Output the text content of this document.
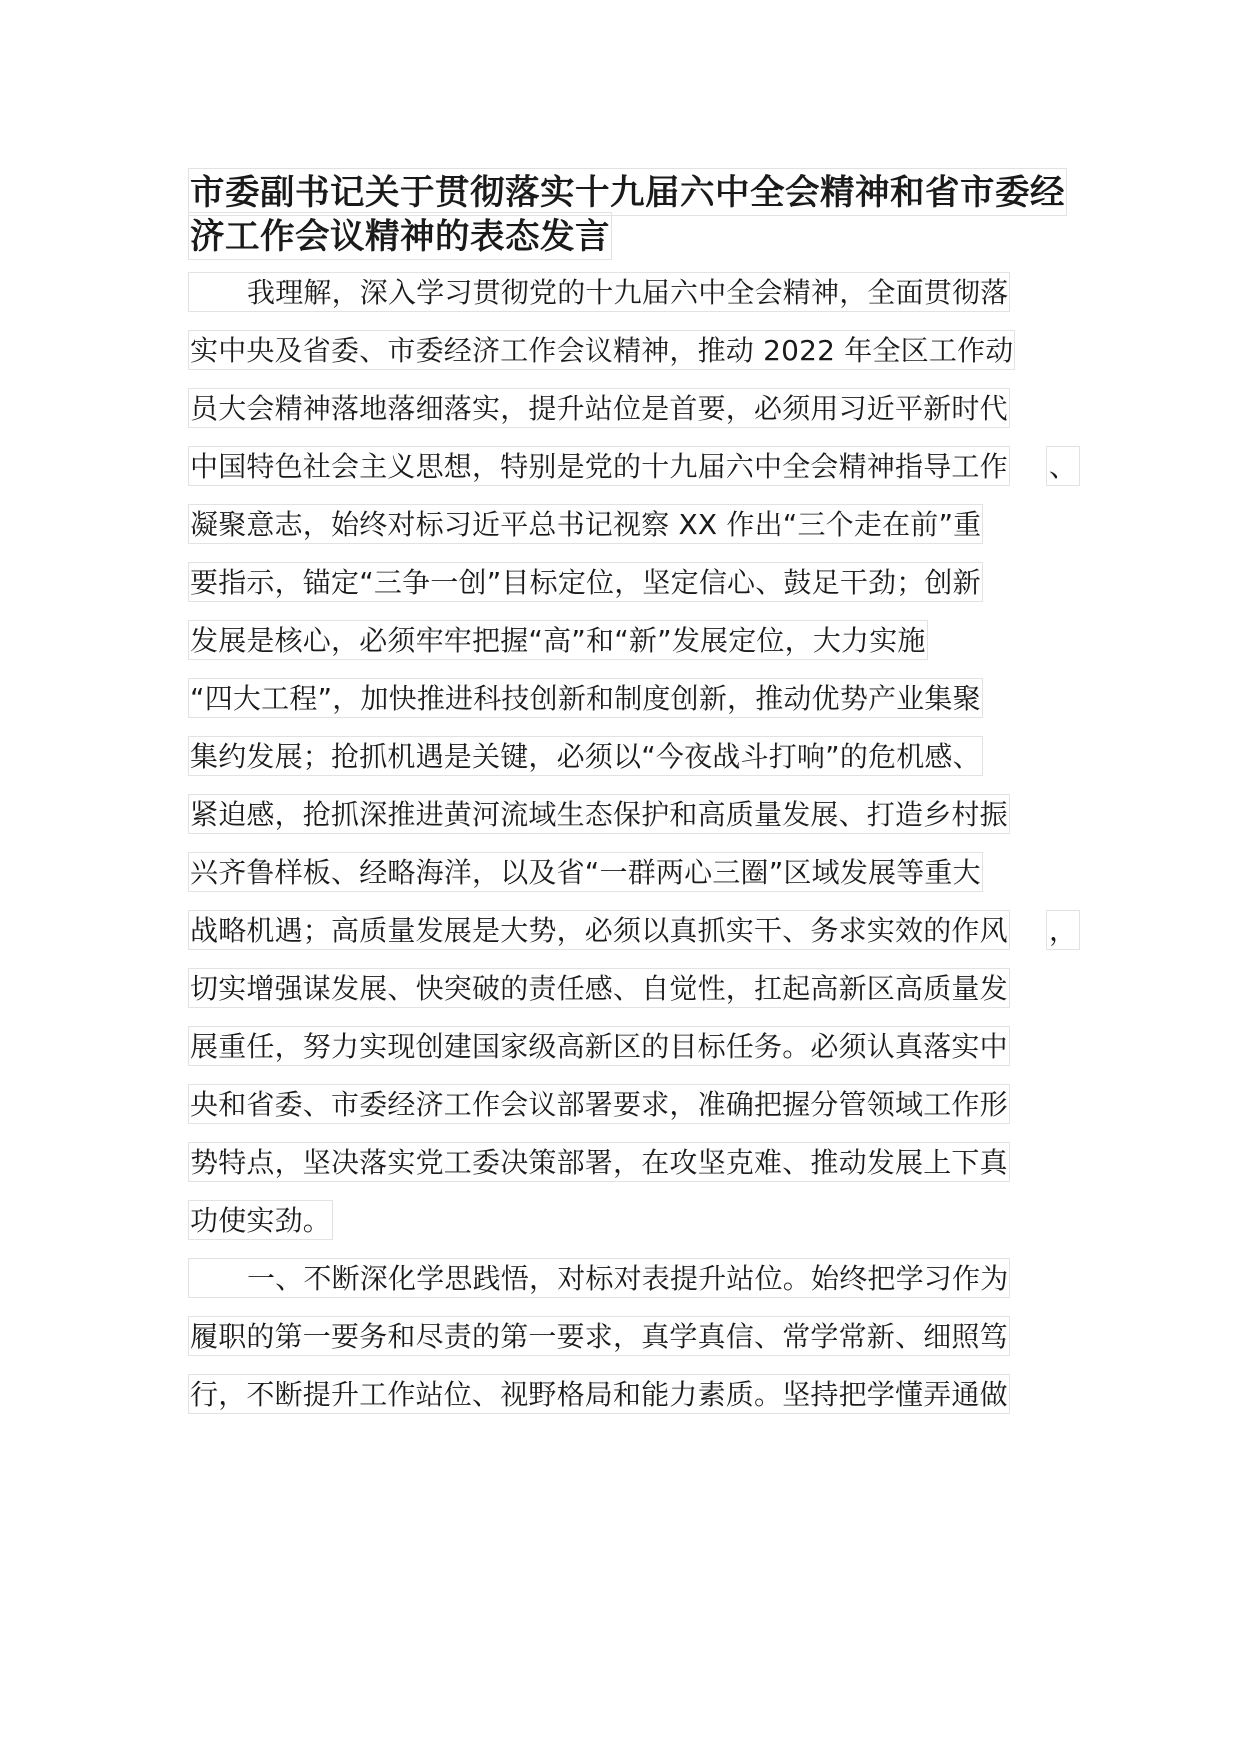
市委副书记关于贯彻落实十九届六中全会精神和省市委经
济工作会议精神的表态发言
我理解，深入学习贯彻党的十九届六中全会精神，全面贯彻落
实中央及省委、市委经济工作会议精神，推动 2022 年全区工作动
员大会精神落地落细落实，提升站位是首要，必须用习近平新时代
中国特色社会主义思想，特别是党的十九届六中全会精神指导工作 、
凝聚意志，始终对标习近平总书记视察 XX 作出“三个走在前”重
要指示，锚定“三争一创”目标定位，坚定信心、鼓足干劲；创新
发展是核心，必须牢牢把握“高”和“新”发展定位，大力实施
“四大工程”，加快推进科技创新和制度创新，推动优势产业集聚
集约发展；抢抓机遇是关键，必须以“今夜战斗打响”的危机感、
紧迫感，抢抓深推进黄河流域生态保护和高质量发展、打造乡村振
兴齐鲁样板、经略海洋，以及省“一群两心三圈”区域发展等重大
战略机遇；高质量发展是大势，必须以真抓实干、务求实效的作风 ，
切实增强谋发展、快突破的责任感、自觉性，扛起高新区高质量发
展重任，努力实现创建国家级高新区的目标任务。必须认真落实中
央和省委、市委经济工作会议部署要求，准确把握分管领域工作形
势特点，坚决落实党工委决策部署，在攻坚克难、推动发展上下真
功使实劲。
一、不断深化学思践悟，对标对表提升站位。始终把学习作为
履职的第一要务和尽责的第一要求，真学真信、常学常新、细照笃
行，不断提升工作站位、视野格局和能力素质。坚持把学懂弄通做
